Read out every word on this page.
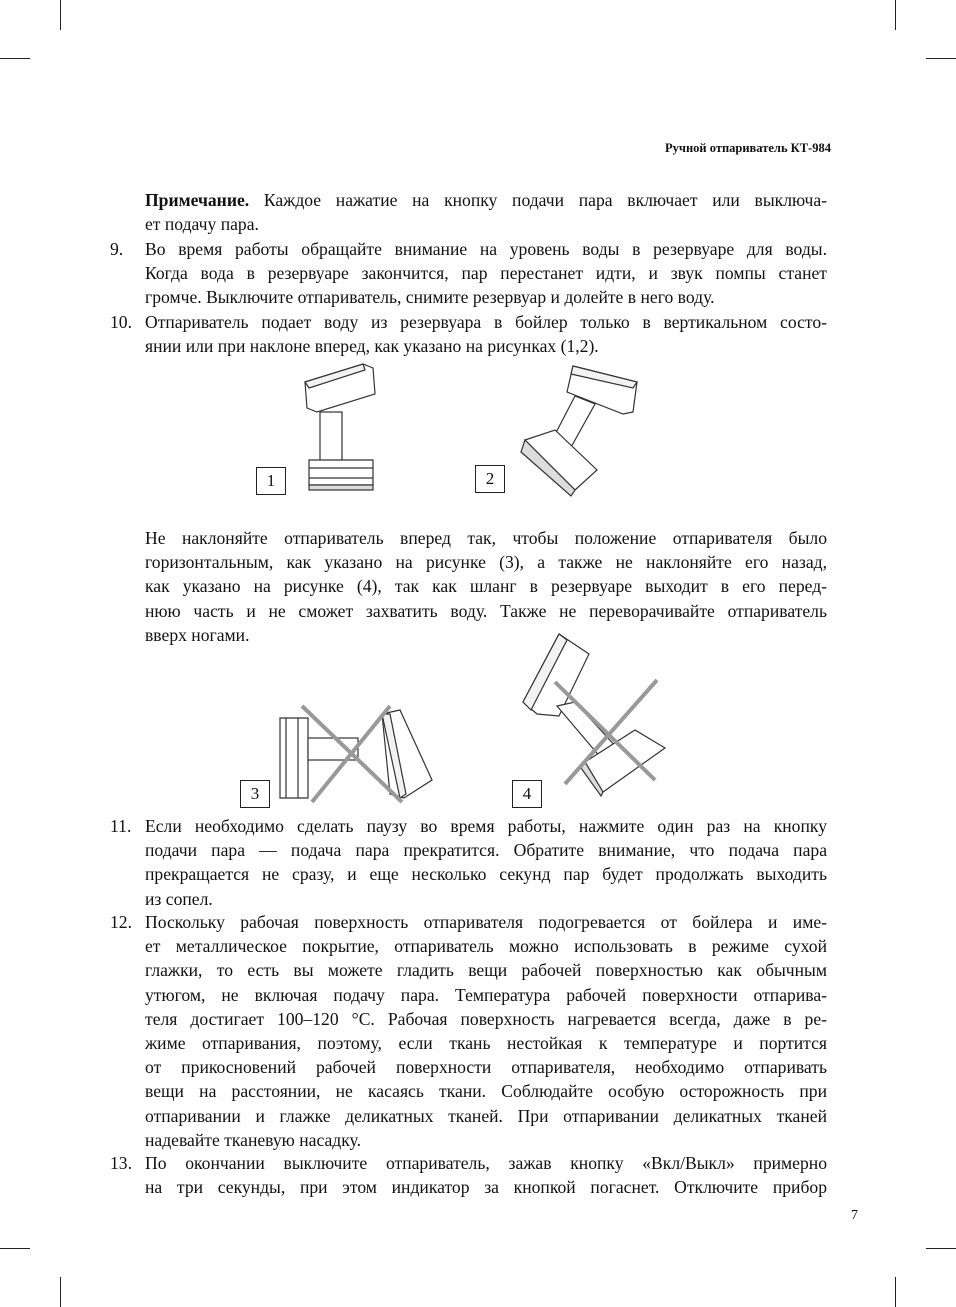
Ручной отпариватель КТ-984
Примечание. Каждое нажатие на кнопку подачи пара включает или выключа-
ет подачу пара.
9.	Во время работы обращайте внимание на уровень воды в резервуаре для воды.
Когда вода в резервуаре закончится, пар перестанет идти, и звук помпы станет
громче. Выключите отпариватель, снимите резервуар и долейте в него воду.
10. Отпариватель подает воду из резервуара в бойлер только в вертикальном состо-
янии или при наклоне вперед, как указано на рисунках (1,2).
1	2
Не наклоняйте отпариватель вперед так, чтобы положение отпаривателя было
горизонтальным, как указано на рисунке (3), а также не наклоняйте его назад,
как указано на рисунке (4), так как шланг в резервуаре выходит в его перед-
нюю часть и не сможет захватить воду. Также не переворачивайте отпариватель
вверх ногами.
3	4
11. Если необходимо сделать паузу во время работы, нажмите один раз на кнопку
подачи пара — подача пара прекратится. Обратите внимание, что подача пара
прекращается не сразу, и еще несколько секунд пар будет продолжать выходить
из сопел.
12. Поскольку рабочая поверхность отпаривателя подогревается от бойлера и име-
ет металлическое покрытие, отпариватель можно использовать в режиме сухой
глажки, то есть вы можете гладить вещи рабочей поверхностью как обычным
утюгом, не включая подачу пара. Температура рабочей поверхности отпарива-
теля достигает 100–120 °С. Рабочая поверхность нагревается всегда, даже в ре-
жиме отпаривания, поэтому, если ткань нестойкая к температуре и портится
от прикосновений рабочей поверхности отпаривателя, необходимо отпаривать
вещи на расстоянии, не касаясь ткани. Соблюдайте особую осторожность при
отпаривании и глажке деликатных тканей. При отпаривании деликатных тканей
надевайте тканевую насадку.
13. По окончании выключите отпариватель, зажав кнопку «Вкл/Выкл» примерно
на три секунды, при этом индикатор за кнопкой погаснет. Отключите прибор
7
